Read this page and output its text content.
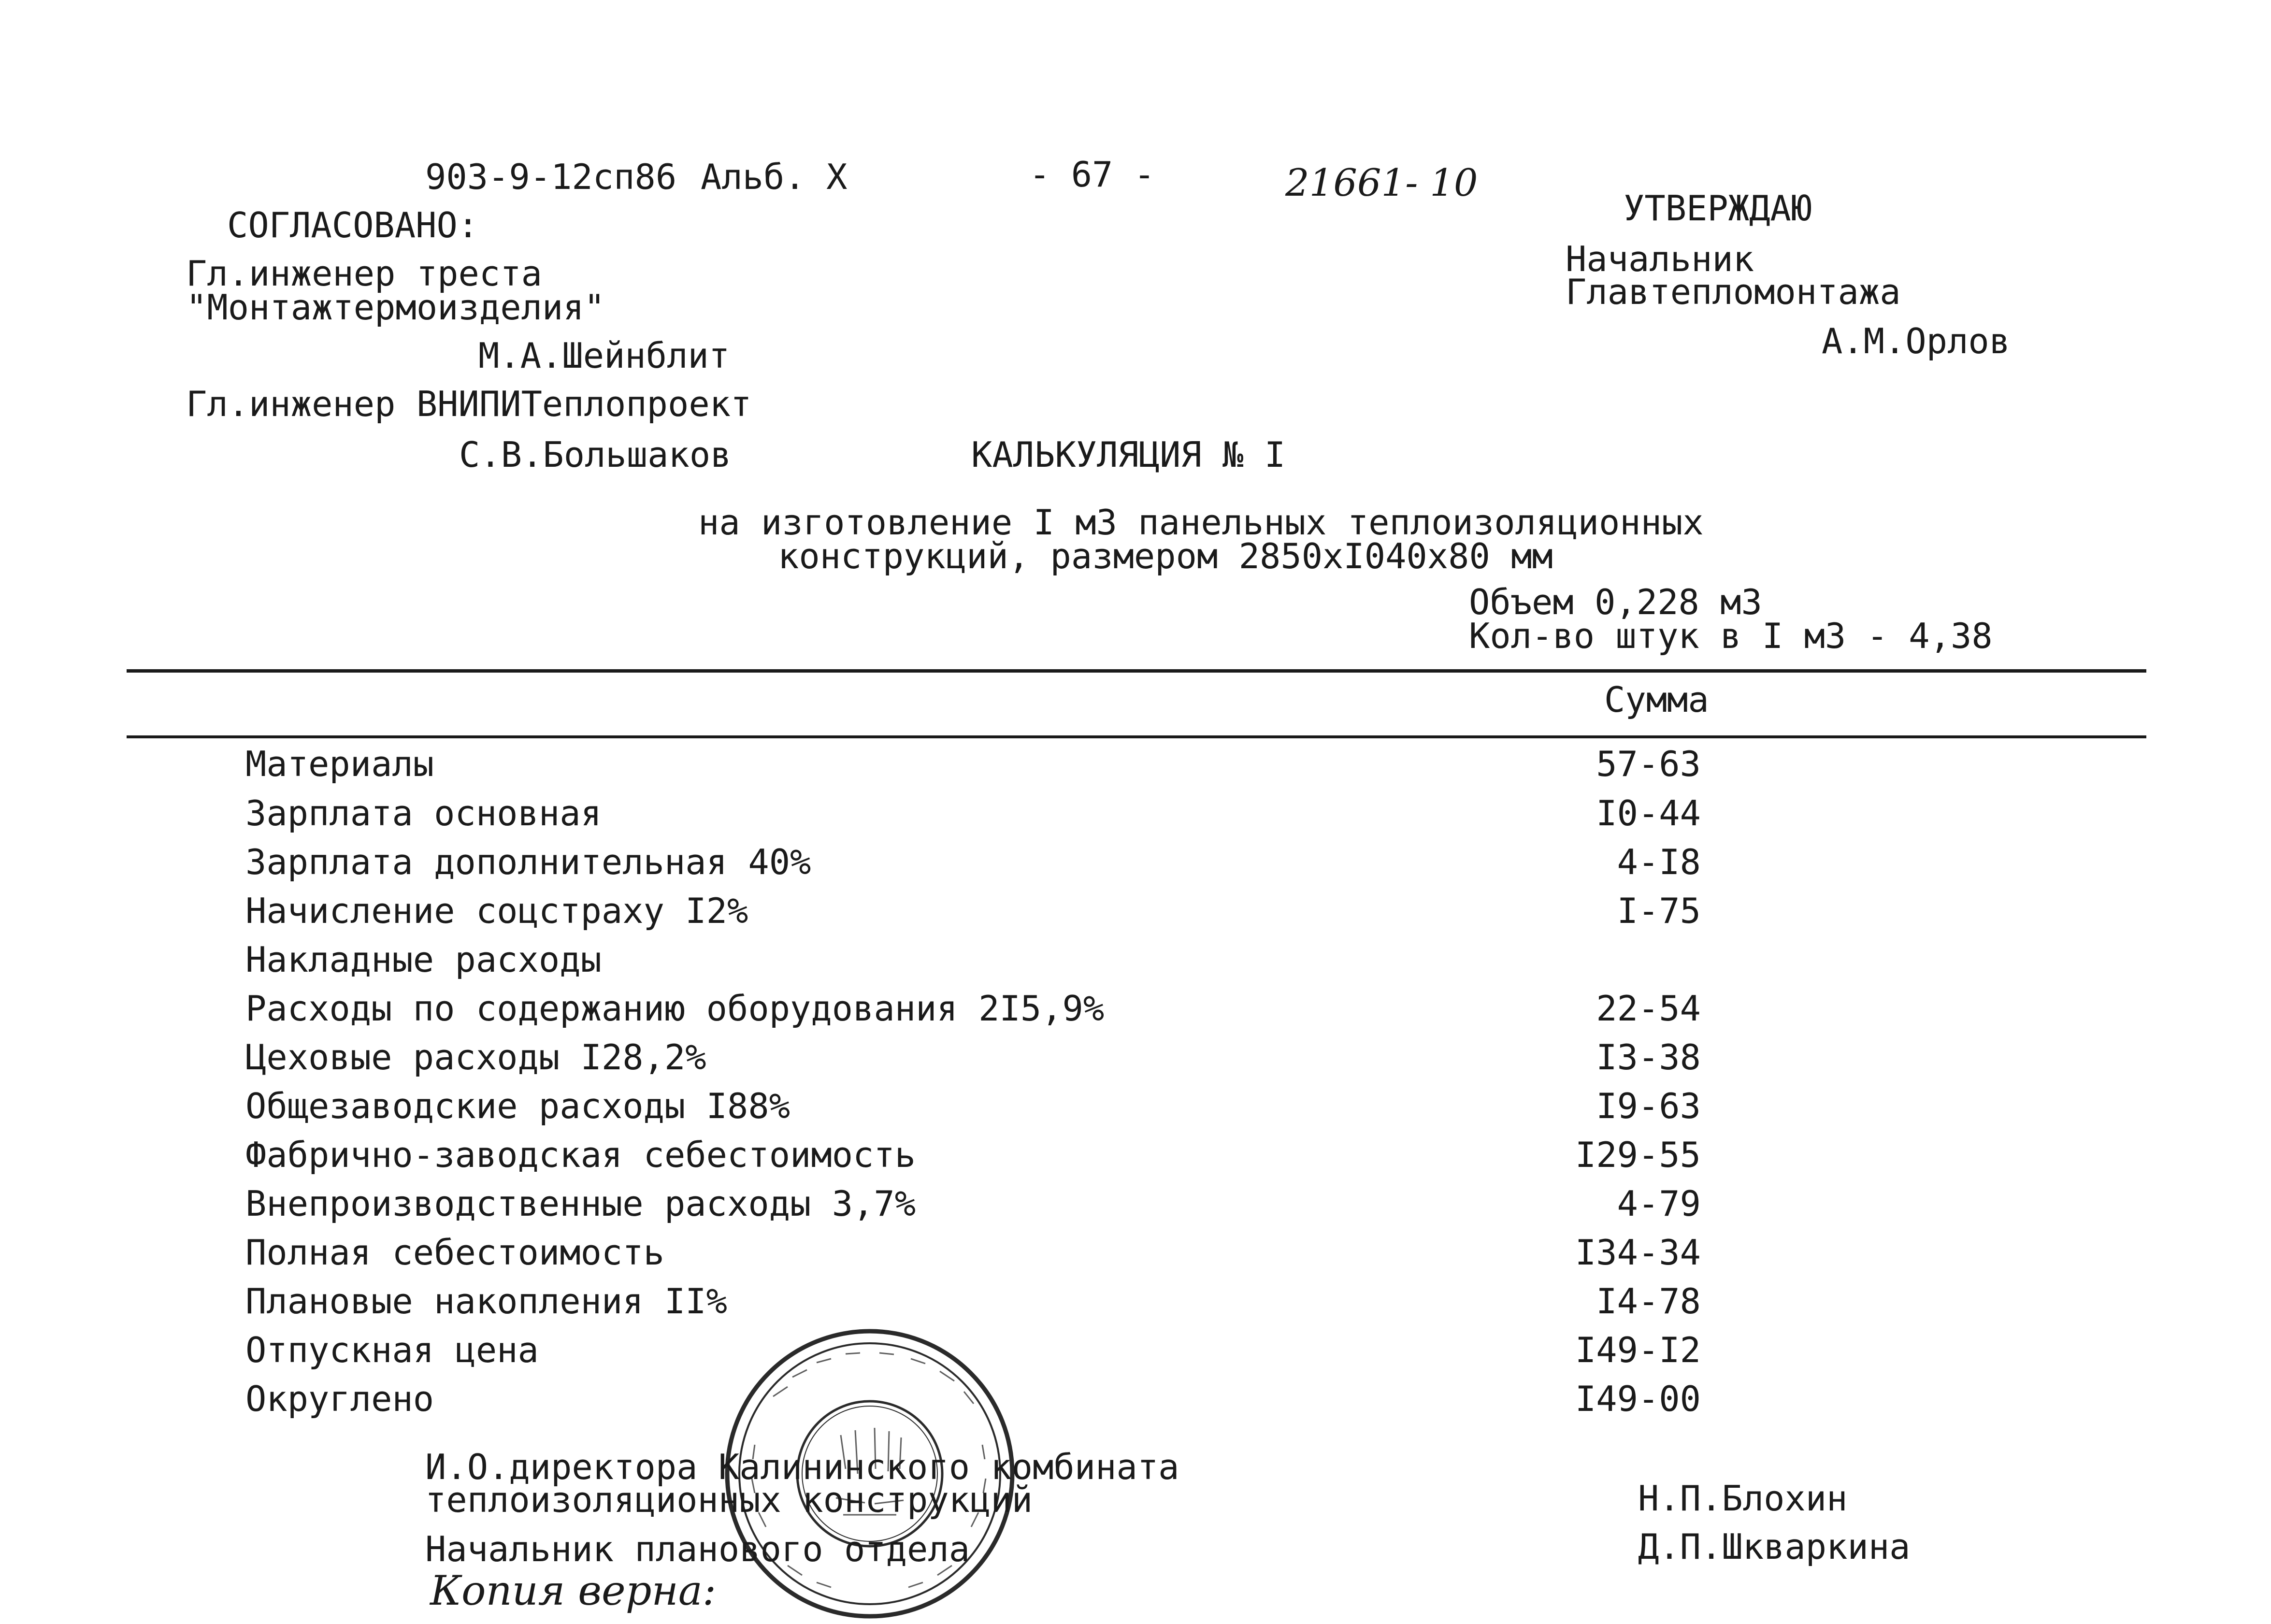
903-9-12сп86 Альб. X	- 67 -	21661- 10
СОГЛАСОВАНО:
Гл.инженер треста
"Монтажтермоизделия"
М.А.Шейнблит
Гл.инженер ВНИПИТеплопроект
С.В.Большаков
УТВЕРЖДАЮ
Начальник
Главтепломонтажа
А.М.Орлов
КАЛЬКУЛЯЦИЯ № I
на изготовление I м3 панельных теплоизоляционных
конструкций, размером 2850хI040х80 мм
Объем 0,228 м3
Кол-во штук в I м3 - 4,38
Сумма
Материалы	57-63
Зарплата основная	I0-44
Зарплата дополнительная 40%	4-I8
Начисление соцстраху I2%	I-75
Накладные расходы
Расходы по содержанию оборудования 2I5,9%	22-54
Цеховые расходы I28,2%	I3-38
Общезаводские расходы I88%	I9-63
Фабрично-заводская себестоимость	I29-55
Внепроизводственные расходы 3,7%	4-79
Полная себестоимость	I34-34
Плановые накопления II%	I4-78
Отпускная цена	I49-I2
Округлено	I49-00
И.О.директора Калининского комбината
теплоизоляционных конструкций
Начальник планового отдела
Копия верна:
Н.П.Блохин
Д.П.Шкваркина
